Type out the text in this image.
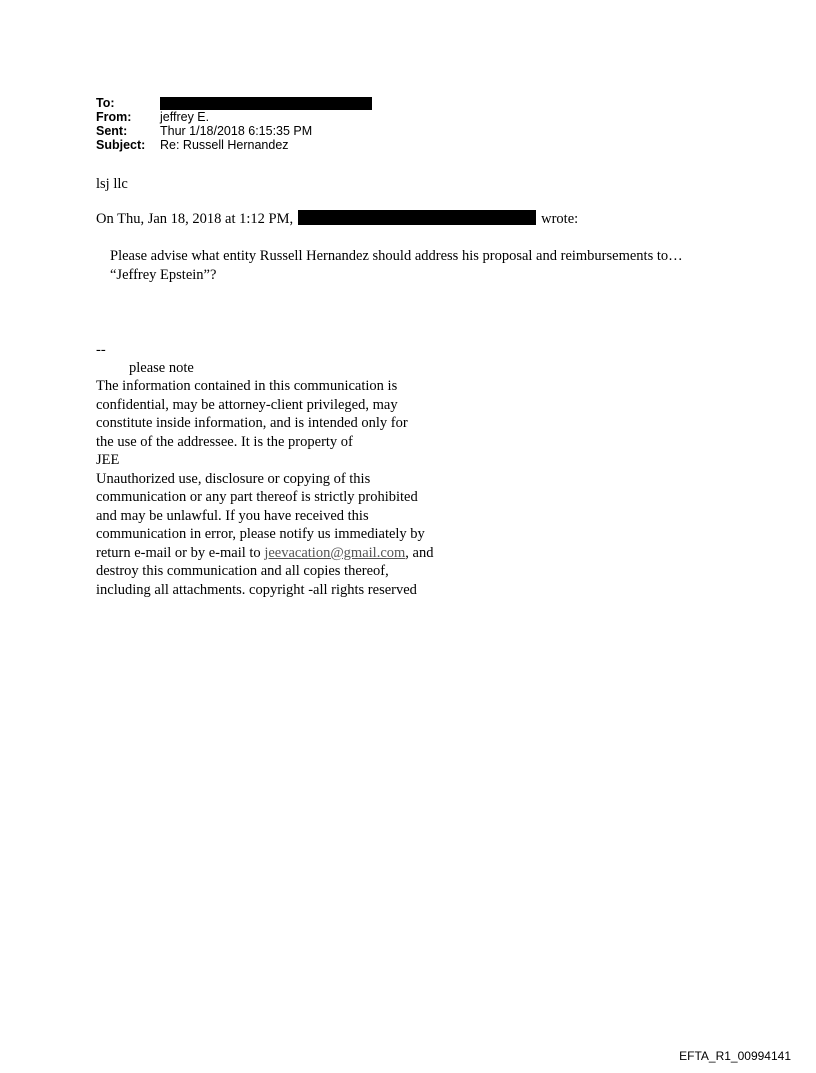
To:
From:	jeffrey E.
Sent:	Thur 1/18/2018 6:15:35 PM
Subject:	Re: Russell Hernandez
lsj llc
On Thu, Jan 18, 2018 at 1:12 PM,	wrote:
Please advise what entity Russell Hernandez should address his proposal and reimbursements to… “Jeffrey Epstein”?
--
please note
The information contained in this communication is
confidential, may be attorney-client privileged, may
constitute inside information, and is intended only for
the use of the addressee. It is the property of
JEE
Unauthorized use, disclosure or copying of this
communication or any part thereof is strictly prohibited
and may be unlawful. If you have received this
communication in error, please notify us immediately by
return e-mail or by e-mail to jeevacation@gmail.com, and
destroy this communication and all copies thereof,
including all attachments. copyright -all rights reserved
EFTA_R1_00994141
